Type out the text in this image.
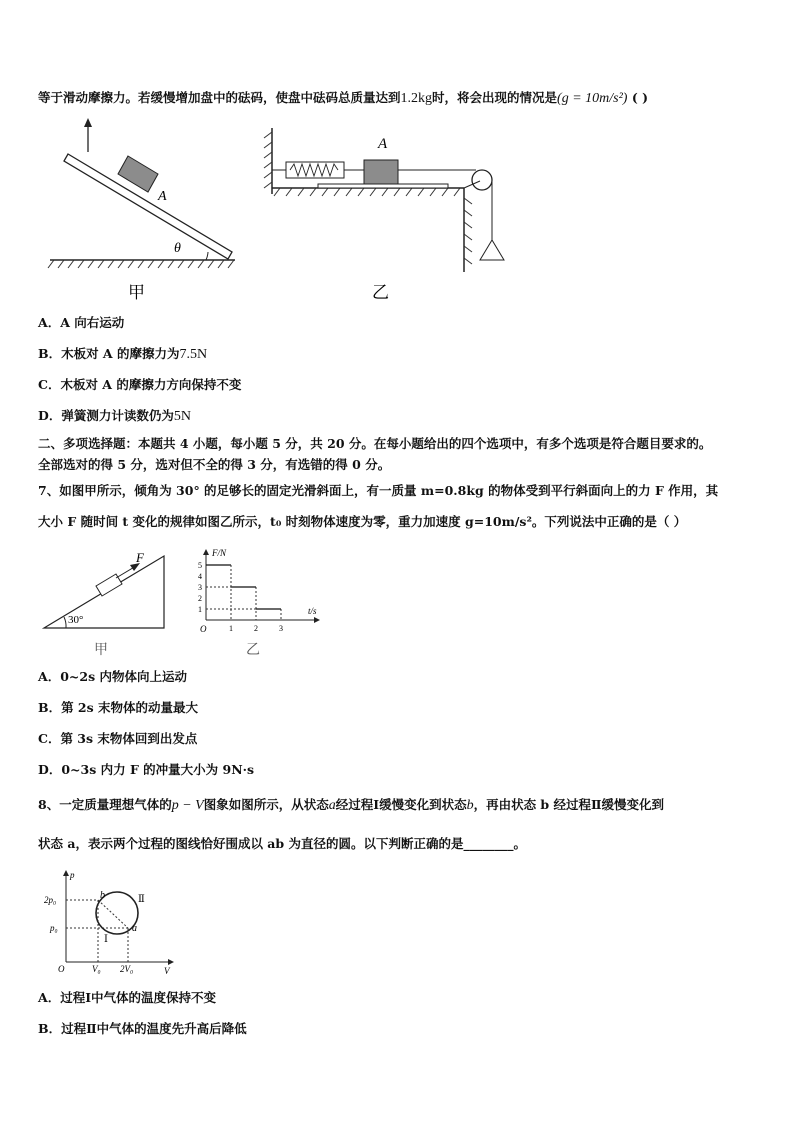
等于滑动摩擦力。若缓慢增加盘中的砝码，使盘中砝码总质量达到1.2kg时，将会出现的情况是(g = 10m/s²) ( )
A
θ
甲
A
乙
A．A 向右运动
B．木板对 A 的摩擦力为7.5N
C．木板对 A 的摩擦力方向保持不变
D．弹簧测力计读数仍为5N
二、多项选择题：本题共 4 小题，每小题 5 分，共 20 分。在每小题给出的四个选项中，有多个选项是符合题目要求的。
全部选对的得 5 分，选对但不全的得 3 分，有选错的得 0 分。
7、如图甲所示，倾角为 30° 的足够长的固定光滑斜面上，有一质量 m=0.8kg 的物体受到平行斜面向上的力 F 作用，其
大小 F 随时间 t 变化的规律如图乙所示，t₀ 时刻物体速度为零，重力加速度 g=10m/s²。下列说法中正确的是（ ）
F
30°
甲
F/N
t/s
O
5
4
3
2
1
1	2	3
乙
A．0~2s 内物体向上运动
B．第 2s 末物体的动量最大
C．第 3s 末物体回到出发点
D．0~3s 内力 F 的冲量大小为 9N·s
8、一定质量理想气体的p − V图象如图所示，从状态a经过程Ⅰ缓慢变化到状态b，再由状态 b 经过程Ⅱ缓慢变化到
状态 a，表示两个过程的图线恰好围成以 ab 为直径的圆。以下判断正确的是________。
p
V
O
2p₀
p₀
V₀ 2V₀
b
a
Ⅰ
Ⅱ
A．过程Ⅰ中气体的温度保持不变
B．过程Ⅱ中气体的温度先升高后降低
